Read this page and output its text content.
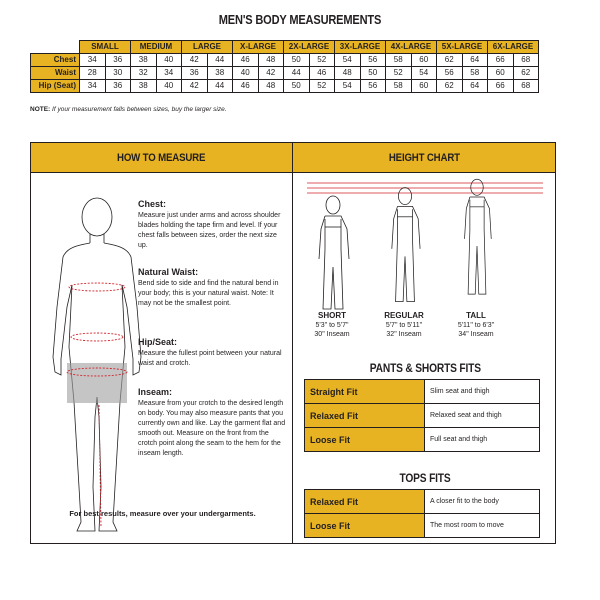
MEN'S BODY MEASUREMENTS
	SMALL		MEDIUM		LARGE		X-LARGE		2X-LARGE		3X-LARGE		4X-LARGE		5X-LARGE		6X-LARGE	
Chest	34	36	38	40	42	44	46	48	50	52	54	56	58	60	62	64	66	68
Waist	28	30	32	34	36	38	40	42	44	46	48	50	52	54	56	58	60	62
Hip (Seat)	34	36	38	40	42	44	46	48	50	52	54	56	58	60	62	64	66	68
NOTE: If your measurement falls between sizes, buy the larger size.
HOW TO MEASURE
Chest:
Measure just under arms and across shoulder blades holding the tape firm and level. If your chest falls between sizes, order the next size up.
Natural Waist:
Bend side to side and find the natural bend in your body; this is your natural waist. Note: It may not be the smallest point.
Hip/Seat:
Measure the fullest point between your natural waist and crotch.
Inseam:
Measure from your crotch to the desired length on body. You may also measure pants that you currently own and like. Lay the garment flat and smooth out. Measure on the front from the crotch point along the seam to the hem for the inseam length.
For best results, measure over your undergarments.
HEIGHT CHART
SHORT
5'3" to 5'7"
30" Inseam
REGULAR
5'7" to 5'11"
32" Inseam
TALL
5'11" to 6'3"
34" Inseam
PANTS & SHORTS FITS
Straight Fit	Slim seat and thigh
Relaxed Fit	Relaxed seat and thigh
Loose Fit	Full seat and thigh
TOPS FITS
Relaxed Fit	A closer fit to the body
Loose Fit	The most room to move
